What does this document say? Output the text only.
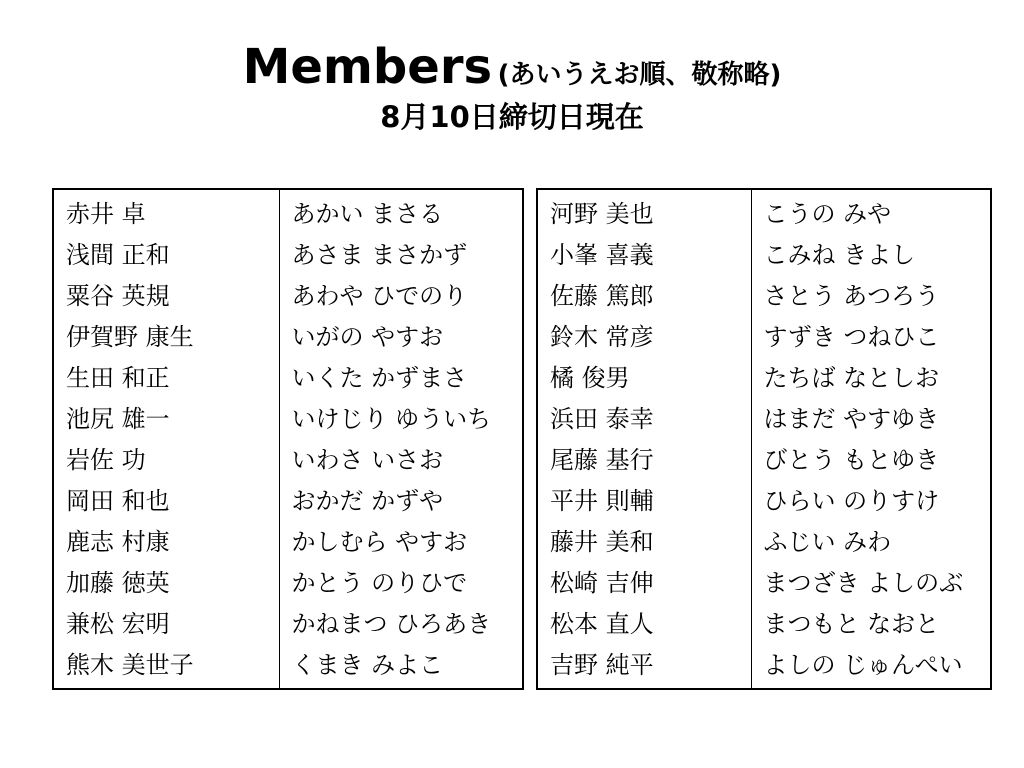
Members (あいうえお順、敬称略)
8月10日締切日現在
赤井 卓	あかい まさる
浅間 正和	あさま まさかず
粟谷 英規	あわや ひでのり
伊賀野 康生	いがの やすお
生田 和正	いくた かずまさ
池尻 雄一	いけじり ゆういち
岩佐 功	いわさ いさお
岡田 和也	おかだ かずや
鹿志 村康	かしむら やすお
加藤 徳英	かとう のりひで
兼松 宏明	かねまつ ひろあき
熊木 美世子	くまき みよこ
河野 美也	こうの みや
小峯 喜義	こみね きよし
佐藤 篤郎	さとう あつろう
鈴木 常彦	すずき つねひこ
橘 俊男	たちば なとしお
浜田 泰幸	はまだ やすゆき
尾藤 基行	びとう もとゆき
平井 則輔	ひらい のりすけ
藤井 美和	ふじい みわ
松崎 吉伸	まつざき よしのぶ
松本 直人	まつもと なおと
吉野 純平	よしの じゅんぺい
